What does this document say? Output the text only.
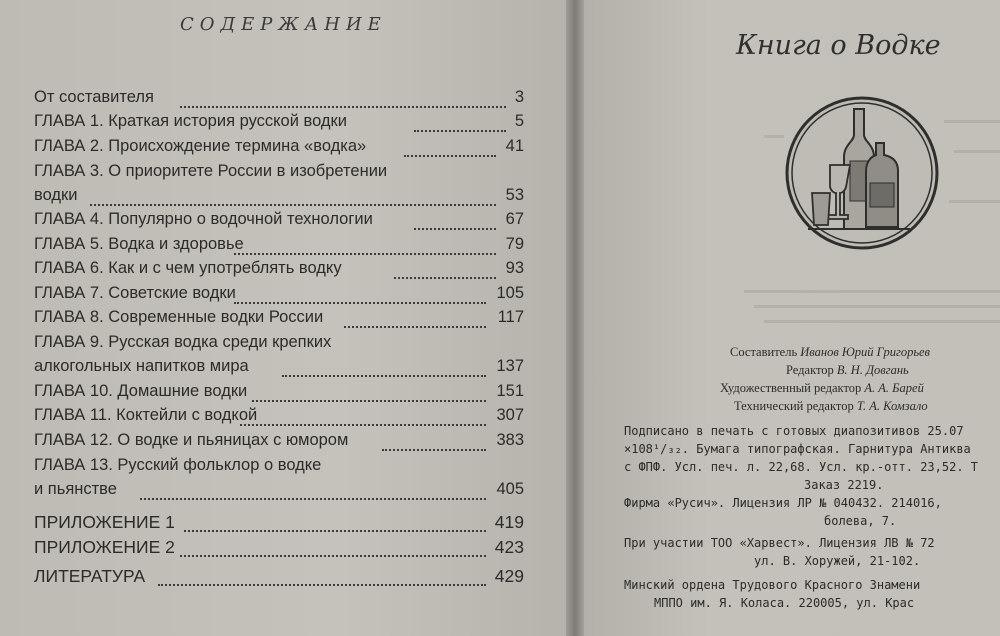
СОДЕРЖАНИЕ
От составителя	3
ГЛАВА 1. Краткая история русской водки	5
ГЛАВА 2. Происхождение термина «водка»	41
ГЛАВА 3. О приоритете России в изобретении
водки	53
ГЛАВА 4. Популярно о водочной технологии	67
ГЛАВА 5. Водка и здоровье	79
ГЛАВА 6. Как и с чем употреблять водку	93
ГЛАВА 7. Советские водки	105
ГЛАВА 8. Современные водки России	117
ГЛАВА 9. Русская водка среди крепких
алкогольных напитков мира	137
ГЛАВА 10. Домашние водки	151
ГЛАВА 11. Коктейли с водкой	307
ГЛАВА 12. О водке и пьяницах с юмором	383
ГЛАВА 13. Русский фольклор о водке
и пьянстве	405
ПРИЛОЖЕНИЕ 1	419
ПРИЛОЖЕНИЕ 2	423
ЛИТЕРАТУРА	429
Книга о Водке
Составитель Иванов Юрий Григорьев
Редактор В. Н. Довгань
Художественный редактор А. А. Барей
Технический редактор Т. А. Комзало
Подписано в печать с готовых диапозитивов 25.07
×108¹/₃₂. Бумага типографская. Гарнитура Антиква
с ФПФ. Усл. печ. л. 22,68. Усл. кр.-отт. 23,52. Т
Заказ 2219.
Фирма «Русич». Лицензия ЛР № 040432. 214016,
болева, 7.
При участии ТОО «Харвест». Лицензия ЛВ № 72
ул. В. Хоружей, 21-102.
Минский ордена Трудового Красного Знамени
МППО им. Я. Коласа. 220005, ул. Крас
